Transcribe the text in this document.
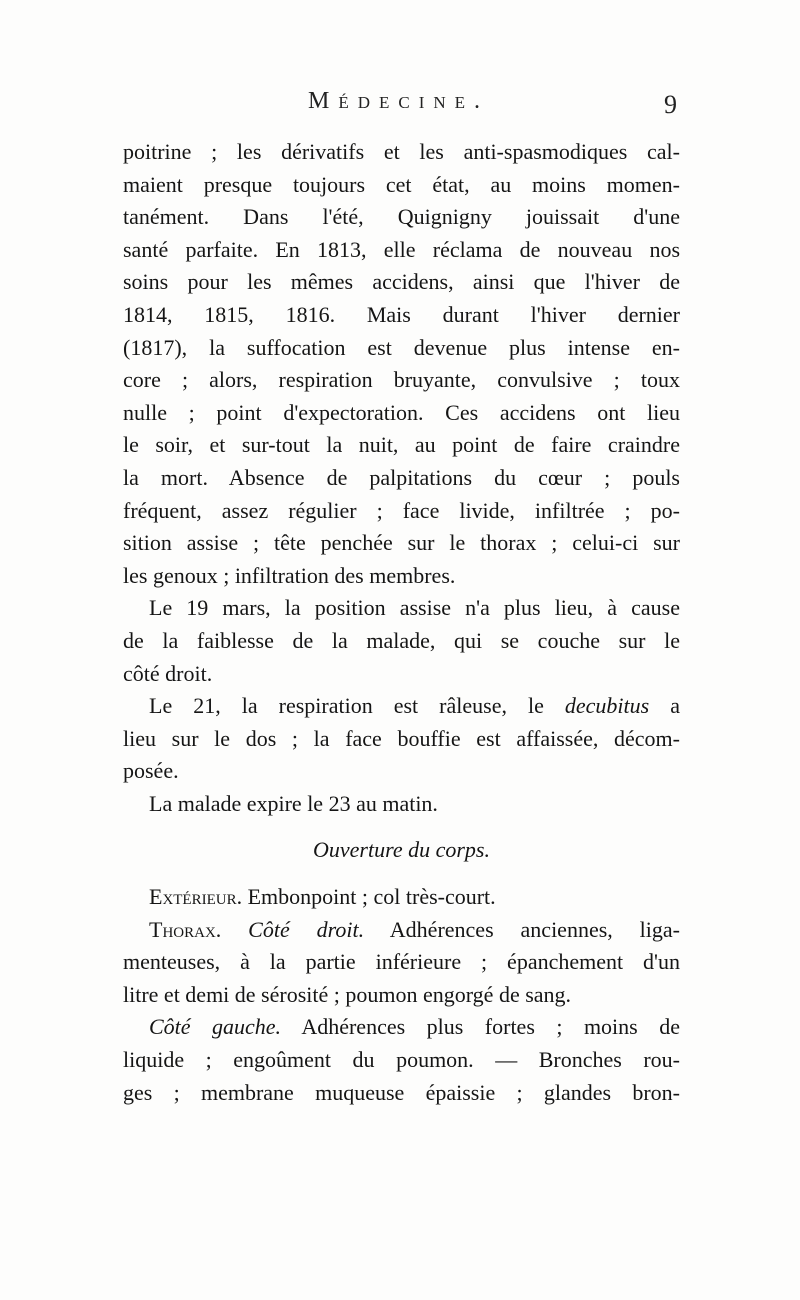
Médecine.	9
poitrine ; les dérivatifs et les anti-spasmodiques cal-
maient presque toujours cet état, au moins momen-
tanément. Dans l'été, Quignigny jouissait d'une
santé parfaite. En 1813, elle réclama de nouveau nos
soins pour les mêmes accidens, ainsi que l'hiver de
1814, 1815, 1816. Mais durant l'hiver dernier
(1817), la suffocation est devenue plus intense en-
core ; alors, respiration bruyante, convulsive ; toux
nulle ; point d'expectoration. Ces accidens ont lieu
le soir, et sur-tout la nuit, au point de faire craindre
la mort. Absence de palpitations du cœur ; pouls
fréquent, assez régulier ; face livide, infiltrée ; po-
sition assise ; tête penchée sur le thorax ; celui-ci sur
les genoux ; infiltration des membres.
Le 19 mars, la position assise n'a plus lieu, à cause
de la faiblesse de la malade, qui se couche sur le
côté droit.
Le 21, la respiration est râleuse, le decubitus a
lieu sur le dos ; la face bouffie est affaissée, décom-
posée.
La malade expire le 23 au matin.
Ouverture du corps.
Extérieur. Embonpoint ; col très-court.
Thorax. Côté droit. Adhérences anciennes, liga-
menteuses, à la partie inférieure ; épanchement d'un
litre et demi de sérosité ; poumon engorgé de sang.
Côté gauche. Adhérences plus fortes ; moins de
liquide ; engoûment du poumon. — Bronches rou-
ges ; membrane muqueuse épaissie ; glandes bron-
